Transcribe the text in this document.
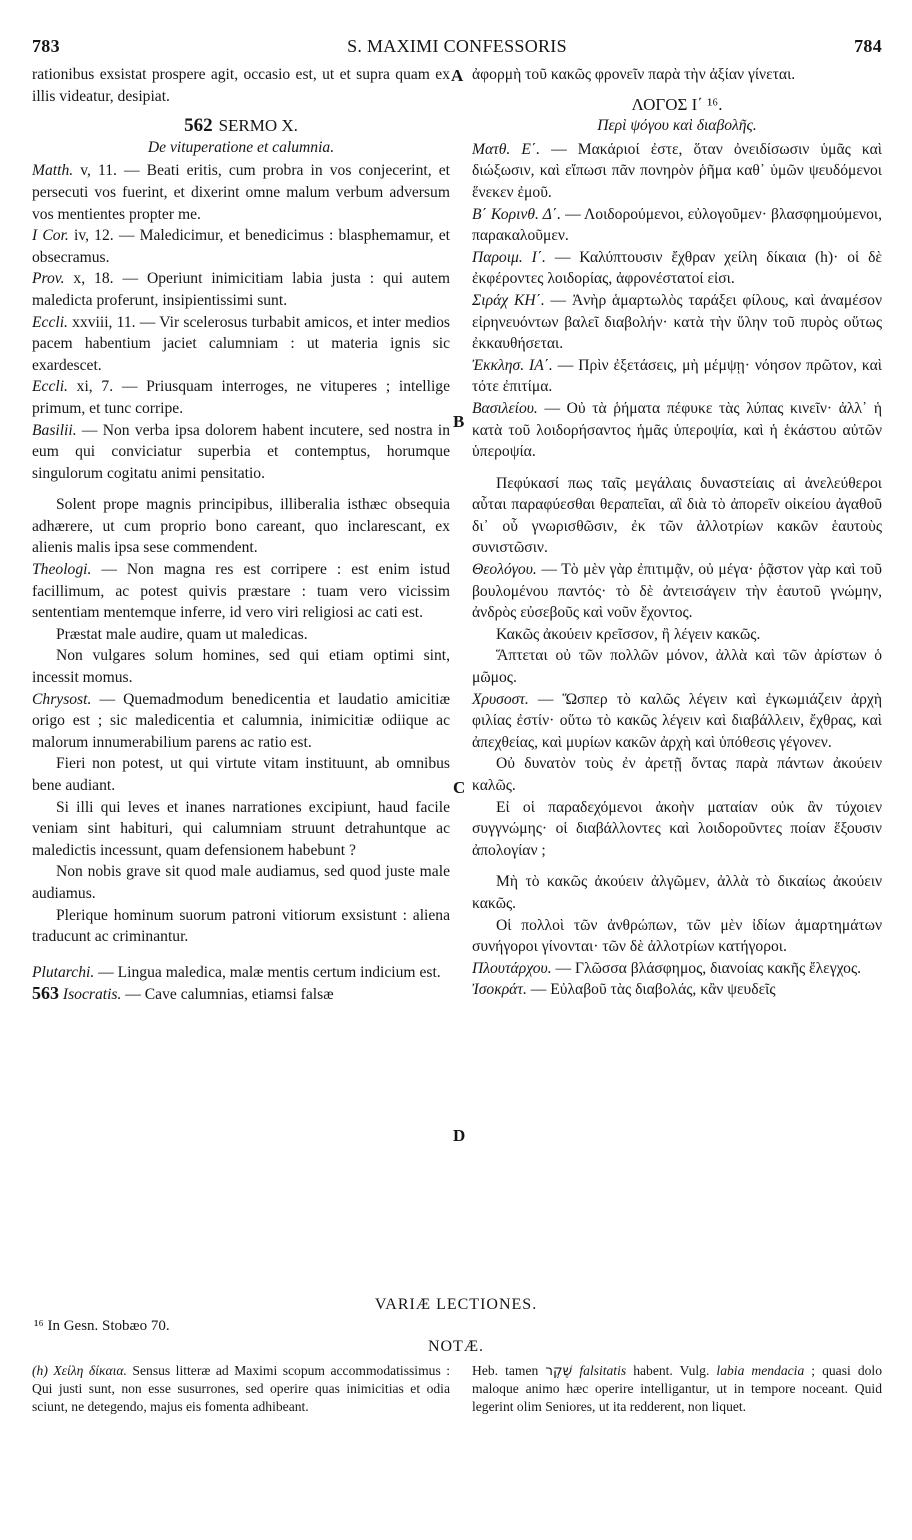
783	S. MAXIMI CONFESSORIS	784
A
B
C
D

rationibus exsistat prospere agit, occasio est, ut et supra quam ex illis videatur, desipiat.

562 SERMO X.

De vituperatione et calumnia.

Matth. v, 11. — Beati eritis, cum probra in vos conjecerint, et persecuti vos fuerint, et dixerint omne malum verbum adversum vos mentientes propter me.

I Cor. iv, 12. — Maledicimur, et benedicimus : blasphemamur, et obsecramus.

Prov. x, 18. — Operiunt inimicitiam labia justa : qui autem maledicta proferunt, insipientissimi sunt.

Eccli. xxviii, 11. — Vir scelerosus turbabit amicos, et inter medios pacem habentium jaciet calumniam : ut materia ignis sic exardescet.

Eccli. xi, 7. — Priusquam interroges, ne vituperes ; intellige primum, et tunc corripe.

Basilii. — Non verba ipsa dolorem habent incutere, sed nostra in eum qui conviciatur superbia et contemptus, horumque singulorum cogitatu animi pensitatio.

Solent prope magnis principibus, illiberalia isthæc obsequia adhærere, ut cum proprio bono careant, quo inclarescant, ex alienis malis ipsa sese commendent.

Theologi. — Non magna res est corripere : est enim istud facillimum, ac potest quivis præstare : tuam vero vicissim sententiam mentemque inferre, id vero viri religiosi ac cati est.

Præstat male audire, quam ut maledicas.

Non vulgares solum homines, sed qui etiam optimi sint, incessit momus.

Chrysost. — Quemadmodum benedicentia et laudatio amicitiæ origo est ; sic maledicentia et calumnia, inimicitiæ odiique ac malorum innumerabilium parens ac ratio est.

Fieri non potest, ut qui virtute vitam instituunt, ab omnibus bene audiant.

Si illi qui leves et inanes narrationes excipiunt, haud facile veniam sint habituri, qui calumniam struunt detrahuntque ac maledictis incessunt, quam defensionem habebunt ?

Non nobis grave sit quod male audiamus, sed quod juste male audiamus.

Plerique hominum suorum patroni vitiorum exsistunt : aliena traducunt ac criminantur.

Plutarchi. — Lingua maledica, malæ mentis certum indicium est.

563 Isocratis. — Cave calumnias, etiamsi falsæ

ἀφορμὴ τοῦ κακῶς φρονεῖν παρὰ τὴν ἀξίαν γίνεται.

ΛΟΓΟΣ Ι΄ ¹⁶.

Περὶ ψόγου καὶ διαβολῆς.

Ματθ. Ε΄. — Μακάριοί ἐστε, ὅταν ὀνειδίσωσιν ὑμᾶς καὶ διώξωσιν, καὶ εἴπωσι πᾶν πονηρὸν ῥῆμα καθ᾽ ὑμῶν ψευδόμενοι ἕνεκεν ἐμοῦ.

Β΄ Κορινθ. Δ΄. — Λοιδορούμενοι, εὐλογοῦμεν· βλασφημούμενοι, παρακαλοῦμεν.

Παροιμ. Ι΄. — Καλύπτουσιν ἔχθραν χείλη δίκαια (h)· οἱ δὲ ἐκφέροντες λοιδορίας, ἀφρονέστατοί εἰσι.

Σιράχ ΚΗ΄. — Ἀνὴρ ἁμαρτωλὸς ταράξει φίλους, καὶ ἀναμέσον εἰρηνευόντων βαλεῖ διαβολήν· κατὰ τὴν ὕλην τοῦ πυρὸς οὕτως ἐκκαυθήσεται.

Ἐκκλησ. ΙΑ΄. — Πρὶν ἐξετάσεις, μὴ μέμψῃ· νόησον πρῶτον, καὶ τότε ἐπιτίμα.

Βασιλείου. — Οὐ τὰ ῥήματα πέφυκε τὰς λύπας κινεῖν· ἀλλ᾽ ἡ κατὰ τοῦ λοιδορήσαντος ἡμᾶς ὑπεροψία, καὶ ἡ ἑκάστου αὐτῶν ὑπεροψία.

Πεφύκασί πως ταῖς μεγάλαις δυναστείαις αἱ ἀνελεύθεροι αὗται παραφύεσθαι θεραπεῖαι, αἳ διὰ τὸ ἀπορεῖν οἰκείου ἀγαθοῦ δι᾽ οὗ γνωρισθῶσιν, ἐκ τῶν ἀλλοτρίων κακῶν ἑαυτοὺς συνιστῶσιν.

Θεολόγου. — Τὸ μὲν γὰρ ἐπιτιμᾷν, οὐ μέγα· ῥᾷστον γὰρ καὶ τοῦ βουλομένου παντός· τὸ δὲ ἀντεισάγειν τὴν ἑαυτοῦ γνώμην, ἀνδρὸς εὐσεβοῦς καὶ νοῦν ἔχοντος.

Κακῶς ἀκούειν κρεῖσσον, ἢ λέγειν κακῶς.

Ἅπτεται οὐ τῶν πολλῶν μόνον, ἀλλὰ καὶ τῶν ἀρίστων ὁ μῶμος.

Χρυσοστ. — Ὥσπερ τὸ καλῶς λέγειν καὶ ἐγκωμιάζειν ἀρχὴ φιλίας ἐστίν· οὕτω τὸ κακῶς λέγειν καὶ διαβάλλειν, ἔχθρας, καὶ ἀπεχθείας, καὶ μυρίων κακῶν ἀρχὴ καὶ ὑπόθεσις γέγονεν.

Οὐ δυνατὸν τοὺς ἐν ἀρετῇ ὄντας παρὰ πάντων ἀκούειν καλῶς.

Εἰ οἱ παραδεχόμενοι ἀκοὴν ματαίαν οὐκ ἂν τύχοιεν συγγνώμης· οἱ διαβάλλοντες καὶ λοιδοροῦντες ποίαν ἕξουσιν ἀπολογίαν ;

Μὴ τὸ κακῶς ἀκούειν ἀλγῶμεν, ἀλλὰ τὸ δικαίως ἀκούειν κακῶς.

Οἱ πολλοὶ τῶν ἀνθρώπων, τῶν μὲν ἰδίων ἁμαρτημάτων συνήγοροι γίνονται· τῶν δὲ ἀλλοτρίων κατήγοροι.

Πλουτάρχου. — Γλῶσσα βλάσφημος, διανοίας κακῆς ἔλεγχος.

Ἰσοκράτ. — Εὐλαβοῦ τὰς διαβολάς, κἂν ψευδεῖς

VARIÆ LECTIONES.
¹⁶ In Gesn. Stobæo 70.
NOTÆ.

(h) Χείλη δίκαια. Sensus litteræ ad Maximi scopum accommodatissimus : Qui justi sunt, non esse susurrones, sed operire quas inimicitias et odia sciunt, ne detegendo, majus eis fomenta adhibeant.

Heb. tamen שֶׁקֶר falsitatis habent. Vulg. labia mendacia ; quasi dolo maloque animo hæc operire intelligantur, ut in tempore noceant. Quid legerint olim Seniores, ut ita redderent, non liquet.
